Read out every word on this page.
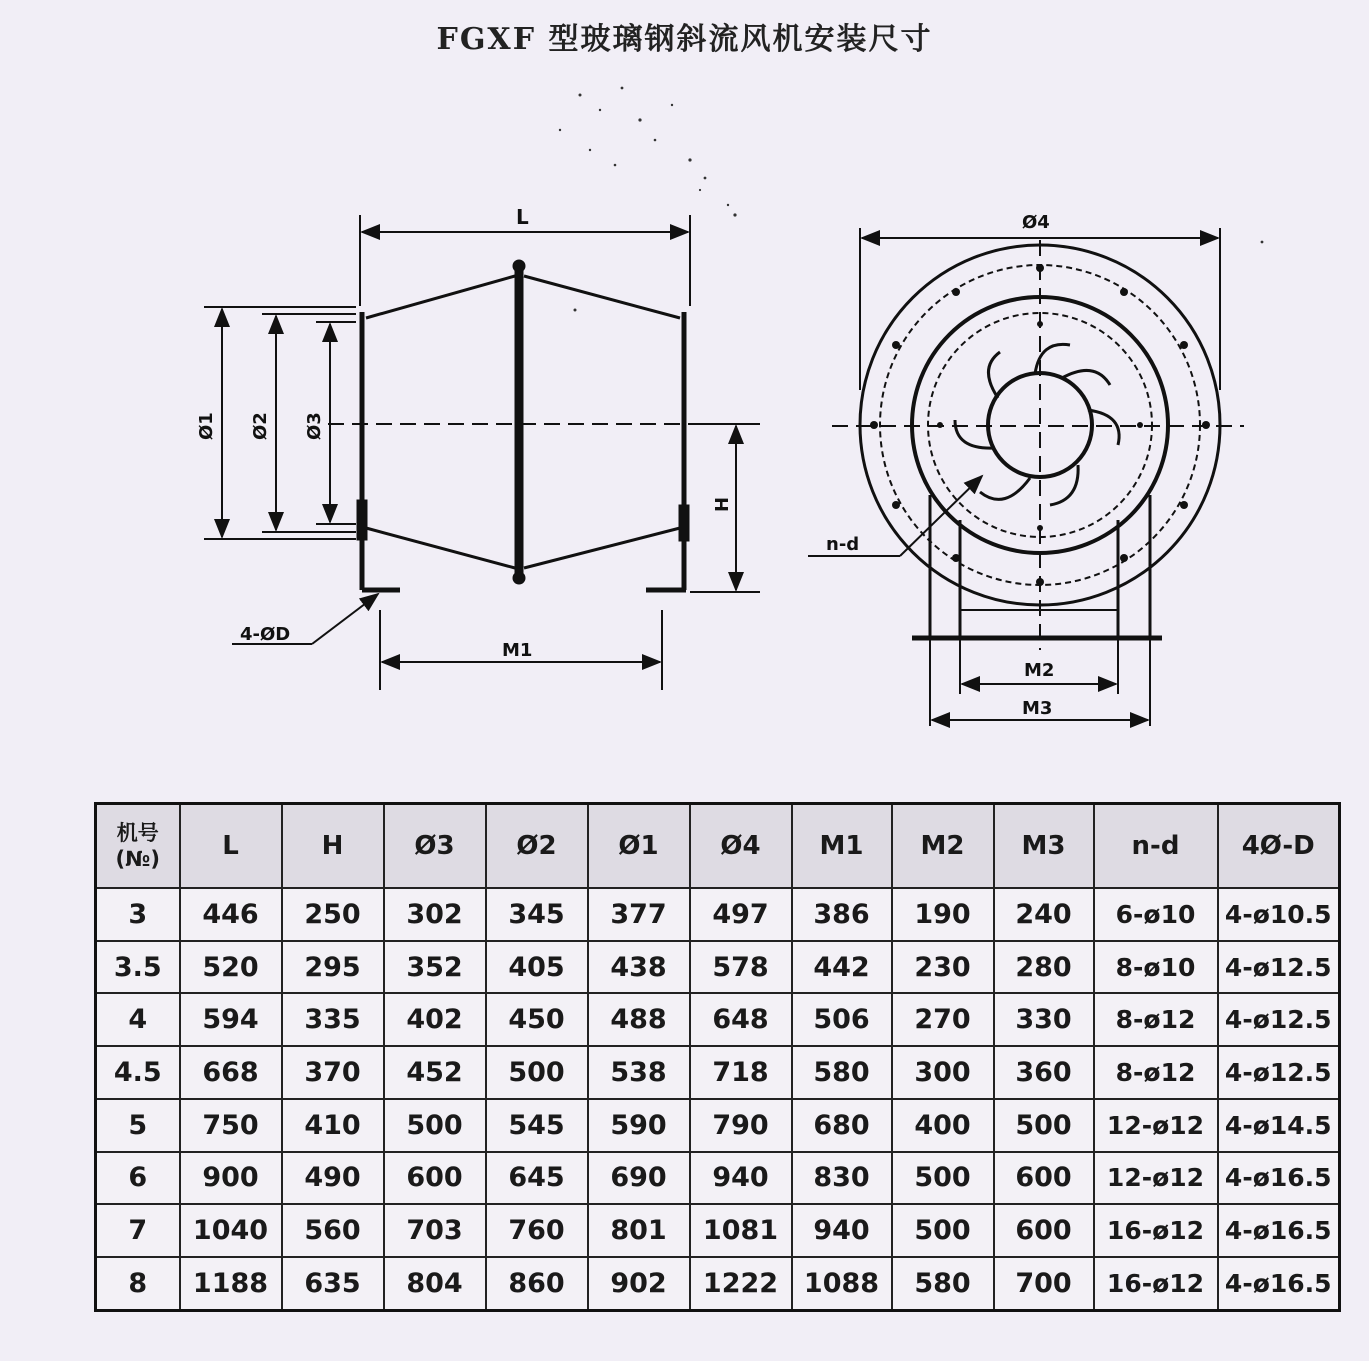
FGXF 型玻璃钢斜流风机安装尺寸
L
Ø1 Ø2 Ø3
H
M1
4-ØD
Ø4
n-d
M2
M3
机号
(№)	L	H	Ø3	Ø2	Ø1	Ø4	M1	M2	M3	n-d	4Ø-D
3	446	250	302	345	377	497	386	190	240	6-ø10	4-ø10.5
3.5	520	295	352	405	438	578	442	230	280	8-ø10	4-ø12.5
4	594	335	402	450	488	648	506	270	330	8-ø12	4-ø12.5
4.5	668	370	452	500	538	718	580	300	360	8-ø12	4-ø12.5
5	750	410	500	545	590	790	680	400	500	12-ø12	4-ø14.5
6	900	490	600	645	690	940	830	500	600	12-ø12	4-ø16.5
7	1040	560	703	760	801	1081	940	500	600	16-ø12	4-ø16.5
8	1188	635	804	860	902	1222	1088	580	700	16-ø12	4-ø16.5
